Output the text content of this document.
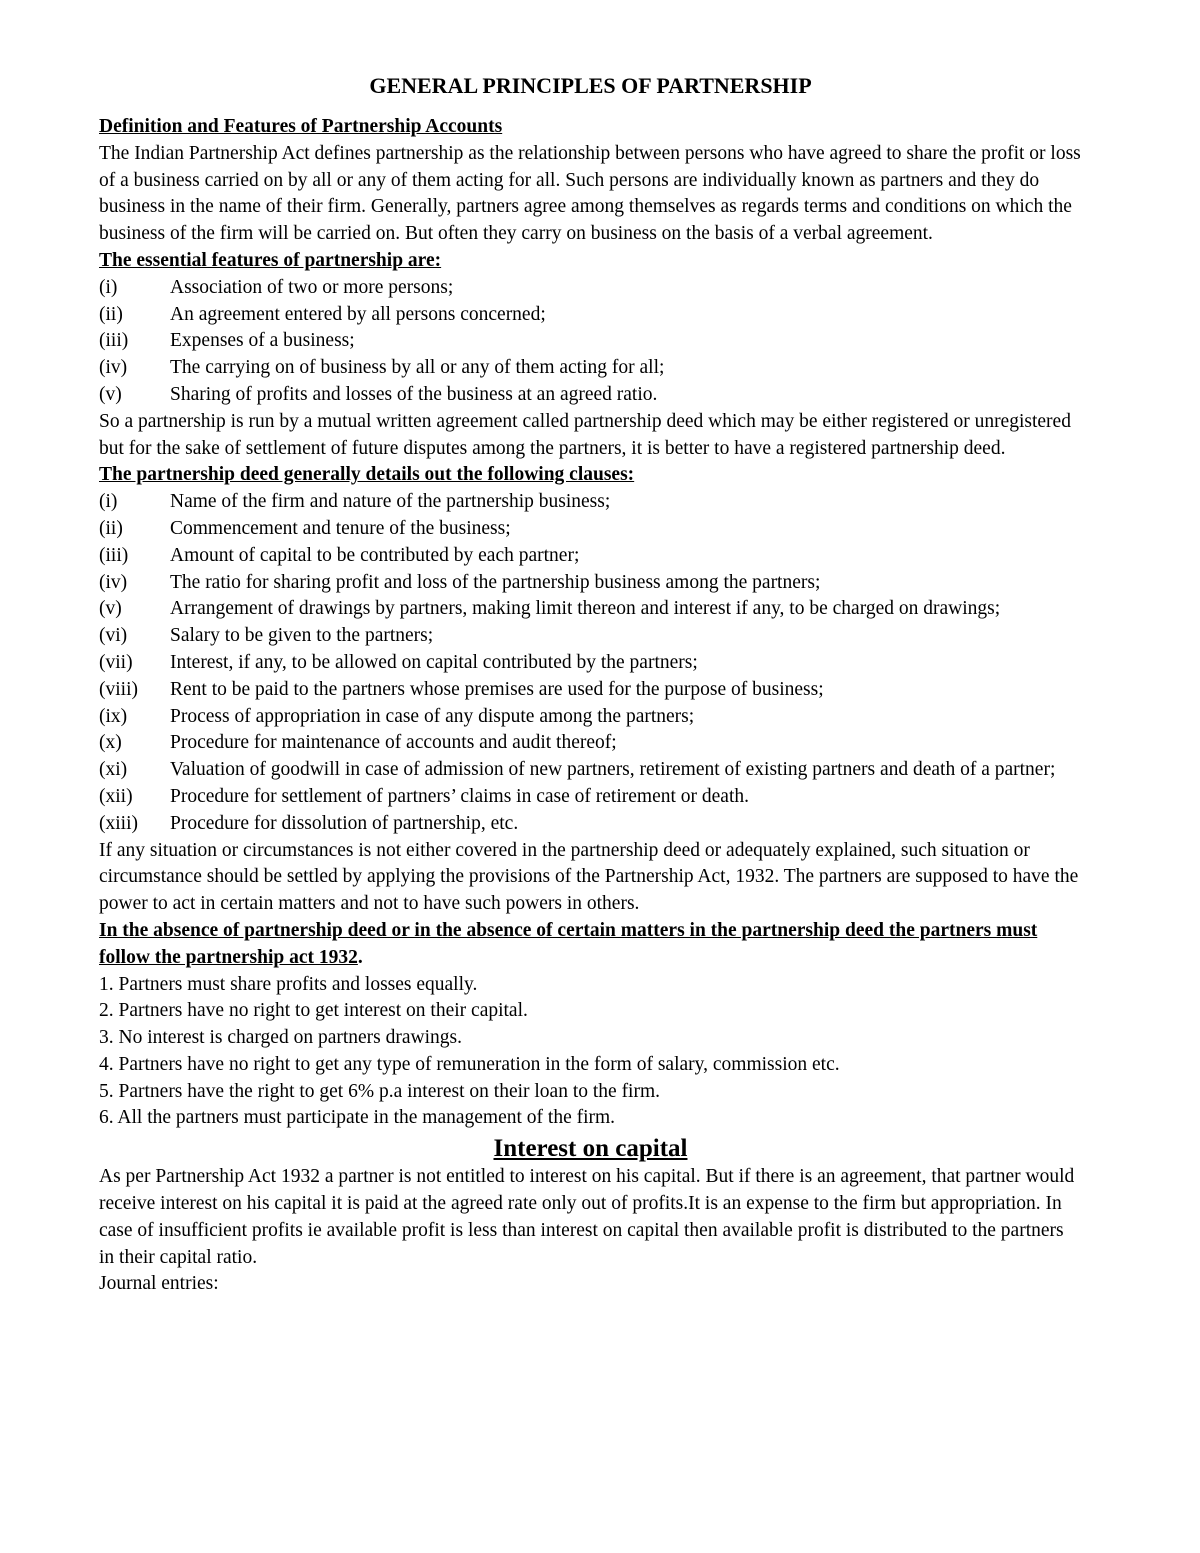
GENERAL PRINCIPLES OF PARTNERSHIP
Definition and Features of Partnership Accounts

The Indian Partnership Act defines partnership as the relationship between persons who have agreed to share the profit or loss of a business carried on by all or any of them acting for all. Such persons are individually known as partners and they do business in the name of their firm. Generally, partners agree among themselves as regards terms and conditions on which the business of the firm will be carried on. But often they carry on business on the basis of a verbal agreement.

The essential features of partnership are:
(i)	Association of two or more persons;
(ii)	An agreement entered by all persons concerned;
(iii)	Expenses of a business;
(iv)	The carrying on of business by all or any of them acting for all;
(v)	Sharing of profits and losses of the business at an agreed ratio.

So a partnership is run by a mutual written agreement called partnership deed which may be either registered or unregistered but for the sake of settlement of future disputes among the partners, it is better to have a registered partnership deed.

The partnership deed generally details out the following clauses:
(i)	Name of the firm and nature of the partnership business;
(ii)	Commencement and tenure of the business;
(iii)	Amount of capital to be contributed by each partner;
(iv)	The ratio for sharing profit and loss of the partnership business among the partners;
(v)	Arrangement of drawings by partners, making limit thereon and interest if any, to be charged on drawings;
(vi)	Salary to be given to the partners;
(vii)	Interest, if any, to be allowed on capital contributed by the partners;
(viii)	Rent to be paid to the partners whose premises are used for the purpose of business;
(ix)	Process of appropriation in case of any dispute among the partners;
(x)	Procedure for maintenance of accounts and audit thereof;
(xi)	Valuation of goodwill in case of admission of new partners, retirement of existing partners and death of a partner;
(xii)	Procedure for settlement of partners’ claims in case of retirement or death.
(xiii)	Procedure for dissolution of partnership, etc.

If any situation or circumstances is not either covered in the partnership deed or adequately explained, such situation or circumstance should be settled by applying the provisions of the Partnership Act, 1932. The partners are supposed to have the power to act in certain matters and not to have such powers in others.

In the absence of partnership deed or in the absence of certain matters in the partnership deed the partners must follow the partnership act 1932.
1. Partners must share profits and losses equally.
2. Partners have no right to get interest on their capital.
3. No interest is charged on partners drawings.
4. Partners have no right to get any type of remuneration in the form of salary, commission etc.
5. Partners have the right to get 6% p.a interest on their loan to the firm.
6. All the partners must participate in the management of the firm.
Interest on capital

As per Partnership Act 1932 a partner is not entitled to interest on his capital. But if there is an agreement, that partner would receive interest on his capital it is paid at the agreed rate only out of profits.It is an expense to the firm but appropriation. In case of insufficient profits ie available profit is less than interest on capital then available profit is distributed to the partners in their capital ratio.

Journal entries:
